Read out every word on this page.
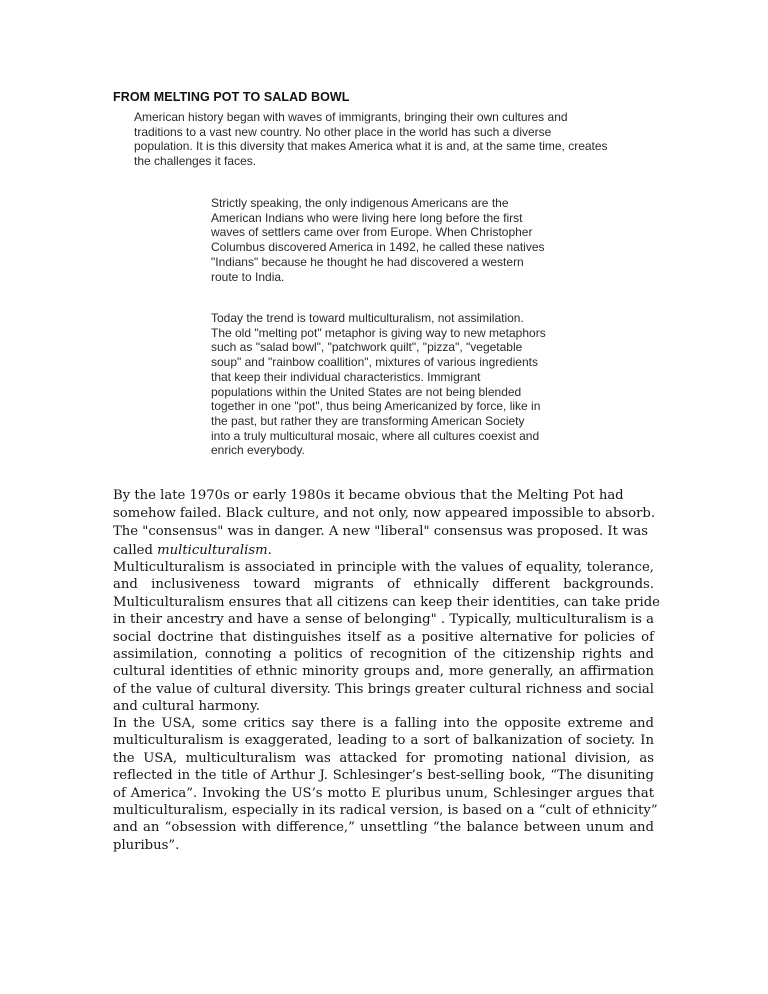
FROM MELTING POT TO SALAD BOWL
American history began with waves of immigrants, bringing their own cultures and
traditions to a vast new country. No other place in the world has such a diverse
population. It is this diversity that makes America what it is and, at the same time, creates
the challenges it faces.
Strictly speaking, the only indigenous Americans are the
American Indians who were living here long before the first
waves of settlers came over from Europe. When Christopher
Columbus discovered America in 1492, he called these natives
"Indians" because he thought he had discovered a western
route to India.
Today the trend is toward multiculturalism, not assimilation.
The old "melting pot" metaphor is giving way to new metaphors
such as "salad bowl", "patchwork quilt", "pizza", "vegetable
soup" and "rainbow coallition", mixtures of various ingredients
that keep their individual characteristics. Immigrant
populations within the United States are not being blended
together in one "pot", thus being Americanized by force, like in
the past, but rather they are transforming American Society
into a truly multicultural mosaic, where all cultures coexist and
enrich everybody.
By the late 1970s or early 1980s it became obvious that the Melting Pot had
somehow failed. Black culture, and not only, now appeared impossible to absorb.
The "consensus" was in danger. A new "liberal" consensus was proposed. It was
called multiculturalism.
Multiculturalism is associated in principle with the values of equality, tolerance,
and inclusiveness toward migrants of ethnically different backgrounds.
Multiculturalism ensures that all citizens can keep their identities, can take pride
in their ancestry and have a sense of belonging" . Typically, multiculturalism is a
social doctrine that distinguishes itself as a positive alternative for policies of
assimilation, connoting a politics of recognition of the citizenship rights and
cultural identities of ethnic minority groups and, more generally, an affirmation
of the value of cultural diversity. This brings greater cultural richness and social
and cultural harmony.
In the USA, some critics say there is a falling into the opposite extreme and
multiculturalism is exaggerated, leading to a sort of balkanization of society. In
the USA, multiculturalism was attacked for promoting national division, as
reflected in the title of Arthur J. Schlesinger’s best-selling book, “The disuniting
of America”. Invoking the US’s motto E pluribus unum, Schlesinger argues that
multiculturalism, especially in its radical version, is based on a “cult of ethnicity”
and an “obsession with difference,” unsettling “the balance between unum and
pluribus”.
